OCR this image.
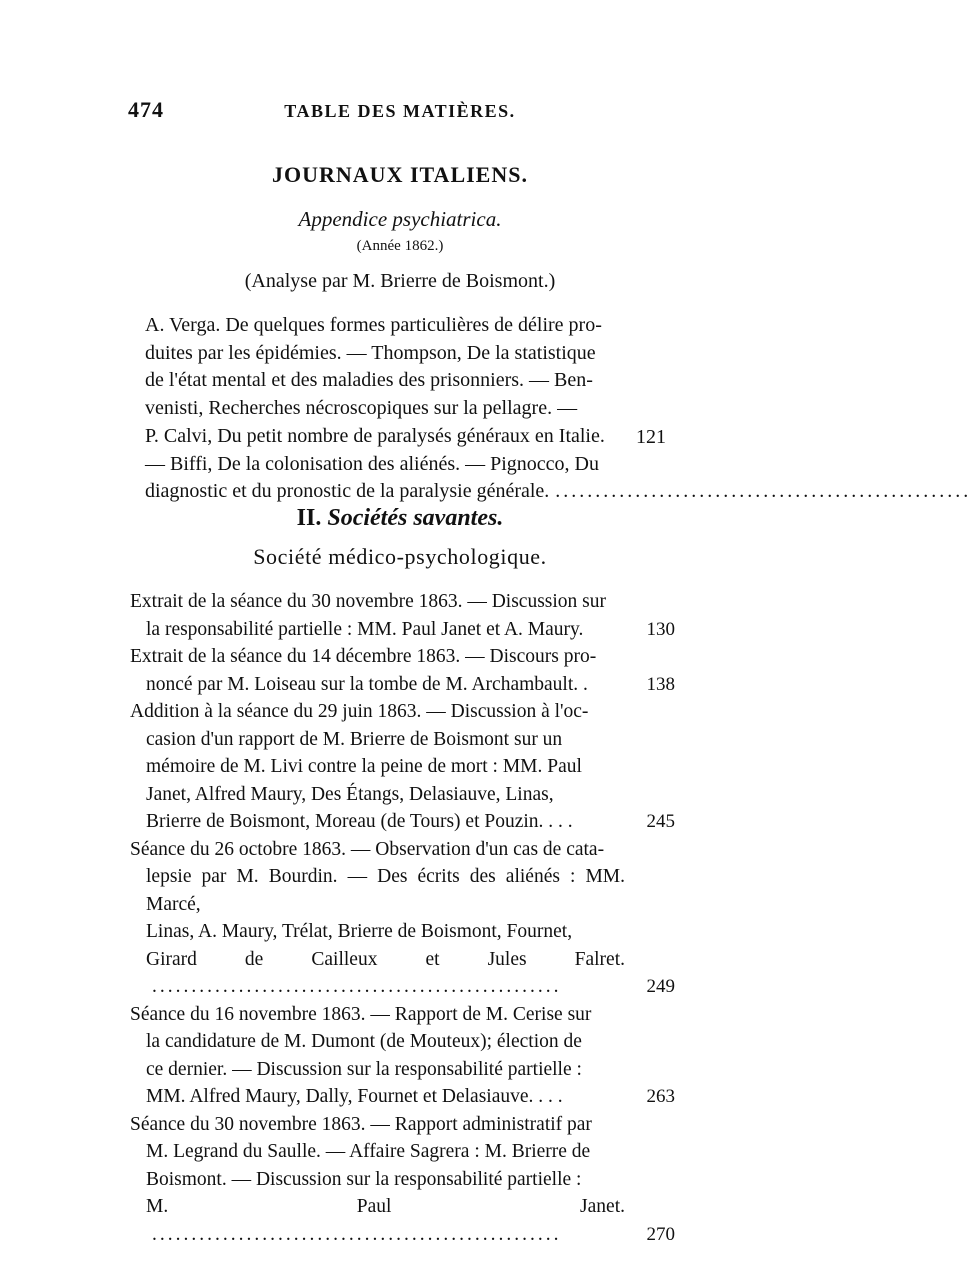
474	TABLE DES MATIÈRES.
JOURNAUX ITALIENS.
Appendice psychiatrica.
(Année 1862.)
(Analyse par M. Brierre de Boismont.)
A. Verga. De quelques formes particulières de délire pro-
duites par les épidémies. — Thompson, De la statistique
de l'état mental et des maladies des prisonniers. — Ben-
venisti, Recherches nécroscopiques sur la pellagre. —
P. Calvi, Du petit nombre de paralysés généraux en Italie.
— Biffi, De la colonisation des aliénés. — Pignocco, Du
diagnostic et du pronostic de la paralysie générale. ....................................................
121
II. Sociétés savantes.
Société médico-psychologique.
Extrait de la séance du 30 novembre 1863. — Discussion sur
la responsabilité partielle : MM. Paul Janet et A. Maury.	130
Extrait de la séance du 14 décembre 1863. — Discours pro-
noncé par M. Loiseau sur la tombe de M. Archambault. .	138
Addition à la séance du 29 juin 1863. — Discussion à l'oc-
casion d'un rapport de M. Brierre de Boismont sur un
mémoire de M. Livi contre la peine de mort : MM. Paul
Janet, Alfred Maury, Des Étangs, Delasiauve, Linas,
Brierre de Boismont, Moreau (de Tours) et Pouzin. . . .	245
Séance du 26 octobre 1863. — Observation d'un cas de cata-
lepsie par M. Bourdin. — Des écrits des aliénés : MM. Marcé,
Linas, A. Maury, Trélat, Brierre de Boismont, Fournet,
Girard de Cailleux et Jules Falret. ....................................................	249
Séance du 16 novembre 1863. — Rapport de M. Cerise sur
la candidature de M. Dumont (de Mouteux); élection de
ce dernier. — Discussion sur la responsabilité partielle :
MM. Alfred Maury, Dally, Fournet et Delasiauve. . . .	263
Séance du 30 novembre 1863. — Rapport administratif par
M. Legrand du Saulle. — Affaire Sagrera : M. Brierre de
Boismont. — Discussion sur la responsabilité partielle :
M. Paul Janet. ....................................................	270
